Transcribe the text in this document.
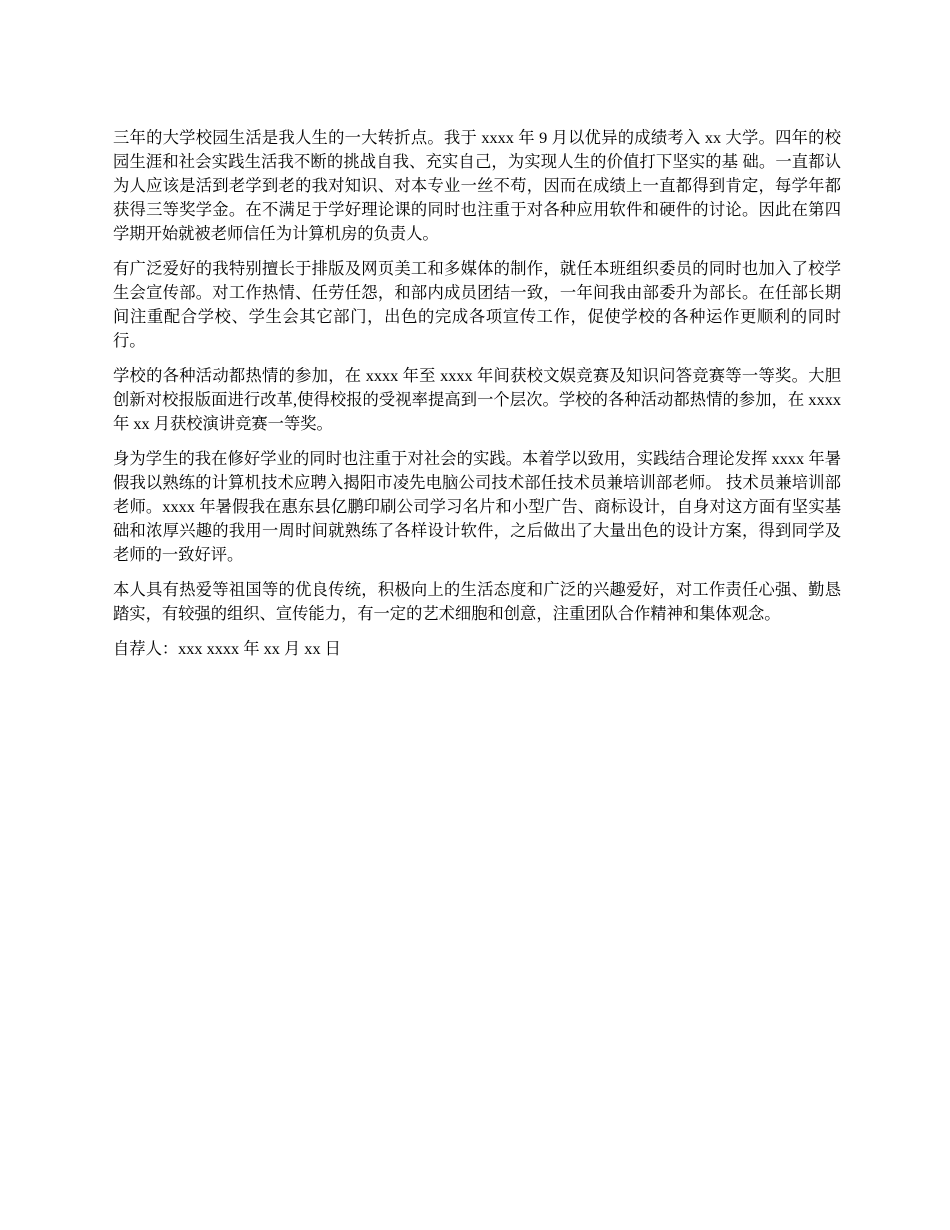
三年的大学校园生活是我人生的一大转折点。我于 xxxx 年 9 月以优异的成绩考入 xx 大学。四年的校园生涯和社会实践生活我不断的挑战自我、充实自己，为实现人生的价值打下坚实的基 础。一直都认为人应该是活到老学到老的我对知识、对本专业一丝不苟，因而在成绩上一直都得到肯定，每学年都获得三等奖学金。在不满足于学好理论课的同时也注重于对各种应用软件和硬件的讨论。因此在第四学期开始就被老师信任为计算机房的负责人。

有广泛爱好的我特别擅长于排版及网页美工和多媒体的制作，就任本班组织委员的同时也加入了校学生会宣传部。对工作热情、任劳任怨，和部内成员团结一致，一年间我由部委升为部长。在任部长期间注重配合学校、学生会其它部门，出色的完成各项宣传工作，促使学校的各种运作更顺利的同时行。

学校的各种活动都热情的参加，在 xxxx 年至 xxxx 年间获校文娱竞赛及知识问答竞赛等一等奖。大胆创新对校报版面进行改革,使得校报的受视率提高到一个层次。学校的各种活动都热情的参加，在 xxxx 年 xx 月获校演讲竞赛一等奖。

身为学生的我在修好学业的同时也注重于对社会的实践。本着学以致用，实践结合理论发挥 xxxx 年暑假我以熟练的计算机技术应聘入揭阳市凌先电脑公司技术部任技术员兼培训部老师。 技术员兼培训部老师。xxxx 年暑假我在惠东县亿鹏印刷公司学习名片和小型广告、商标设计，自身对这方面有坚实基础和浓厚兴趣的我用一周时间就熟练了各样设计软件，之后做出了大量出色的设计方案，得到同学及老师的一致好评。

本人具有热爱等祖国等的优良传统，积极向上的生活态度和广泛的兴趣爱好，对工作责任心强、勤恳踏实，有较强的组织、宣传能力，有一定的艺术细胞和创意，注重团队合作精神和集体观念。

自荐人：xxx xxxx 年 xx 月 xx 日
